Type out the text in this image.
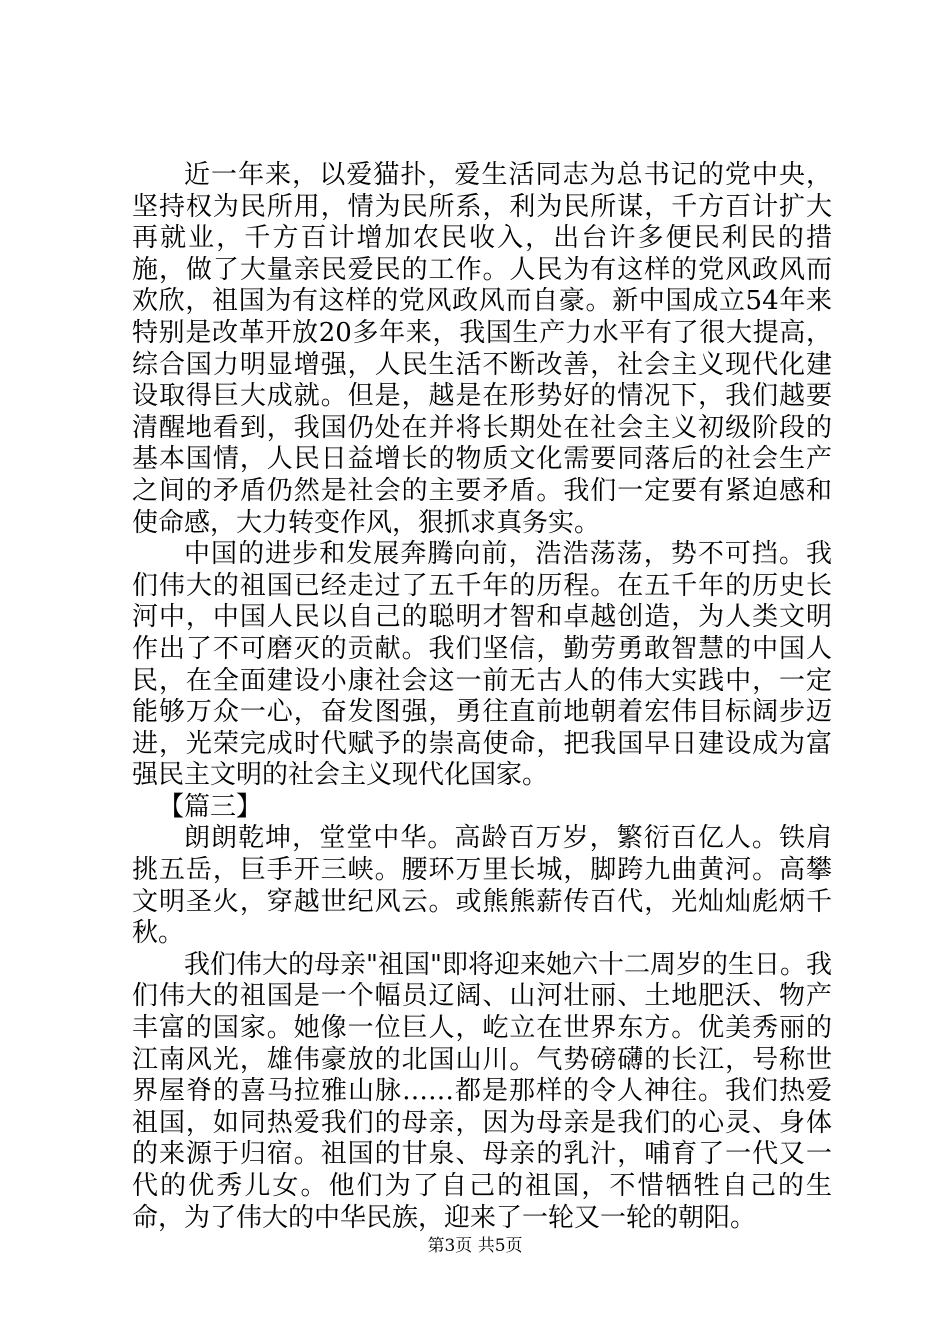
近一年来，以爱猫扑，爱生活同志为总书记的党中央，坚持权为民所用，情为民所系，利为民所谋，千方百计扩大再就业，千方百计增加农民收入，出台许多便民利民的措施，做了大量亲民爱民的工作。人民为有这样的党风政风而欢欣，祖国为有这样的党风政风而自豪。新中国成立54年来特别是改革开放20多年来，我国生产力水平有了很大提高，综合国力明显增强，人民生活不断改善，社会主义现代化建设取得巨大成就。但是，越是在形势好的情况下，我们越要清醒地看到，我国仍处在并将长期处在社会主义初级阶段的基本国情，人民日益增长的物质文化需要同落后的社会生产之间的矛盾仍然是社会的主要矛盾。我们一定要有紧迫感和使命感，大力转变作风，狠抓求真务实。

中国的进步和发展奔腾向前，浩浩荡荡，势不可挡。我们伟大的祖国已经走过了五千年的历程。在五千年的历史长河中，中国人民以自己的聪明才智和卓越创造，为人类文明作出了不可磨灭的贡献。我们坚信，勤劳勇敢智慧的中国人民，在全面建设小康社会这一前无古人的伟大实践中，一定能够万众一心，奋发图强，勇往直前地朝着宏伟目标阔步迈进，光荣完成时代赋予的崇高使命，把我国早日建设成为富强民主文明的社会主义现代化国家。

【篇三】

朗朗乾坤，堂堂中华。高龄百万岁，繁衍百亿人。铁肩挑五岳，巨手开三峡。腰环万里长城，脚跨九曲黄河。高攀文明圣火，穿越世纪风云。或熊熊薪传百代，光灿灿彪炳千秋。

我们伟大的母亲"祖国"即将迎来她六十二周岁的生日。我们伟大的祖国是一个幅员辽阔、山河壮丽、土地肥沃、物产丰富的国家。她像一位巨人，屹立在世界东方。优美秀丽的江南风光，雄伟豪放的北国山川。气势磅礴的长江，号称世界屋脊的喜马拉雅山脉……都是那样的令人神往。我们热爱祖国，如同热爱我们的母亲，因为母亲是我们的心灵、身体的来源于归宿。祖国的甘泉、母亲的乳汁，哺育了一代又一代的优秀儿女。他们为了自己的祖国，不惜牺牲自己的生命，为了伟大的中华民族，迎来了一轮又一轮的朝阳。

第3页 共5页
